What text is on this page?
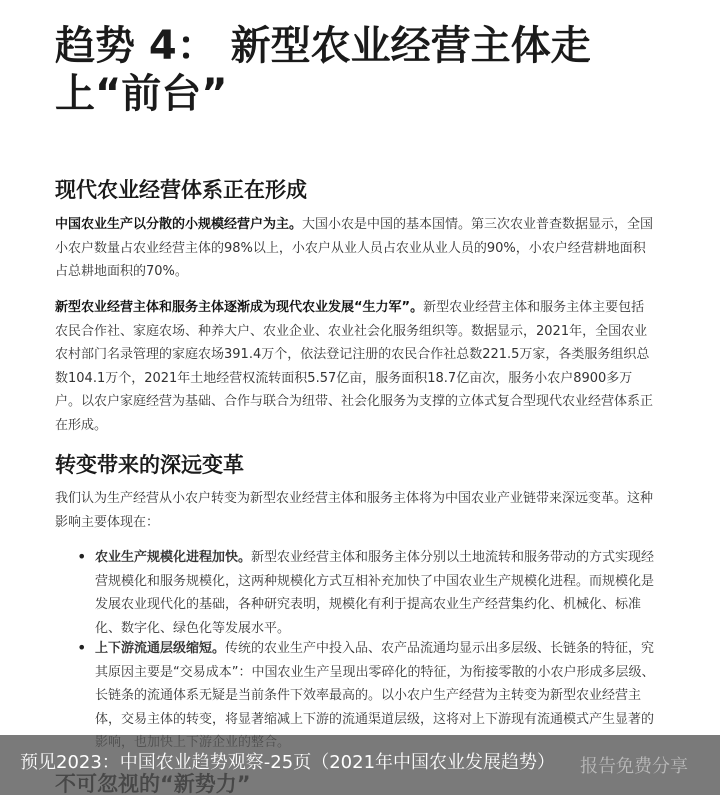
趋势 4： 新型农业经营主体走上“前台”
现代农业经营体系正在形成

中国农业生产以分散的小规模经营户为主。大国小农是中国的基本国情。第三次农业普查数据显示，全国小农户数量占农业经营主体的98%以上，小农户从业人员占农业从业人员的90%，小农户经营耕地面积占总耕地面积的70%。

新型农业经营主体和服务主体逐渐成为现代农业发展“生力军”。新型农业经营主体和服务主体主要包括农民合作社、家庭农场、种养大户、农业企业、农业社会化服务组织等。数据显示，2021年，全国农业农村部门名录管理的家庭农场391.4万个，依法登记注册的农民合作社总数221.5万家，各类服务组织总数104.1万个，2021年土地经营权流转面积5.57亿亩，服务面积18.7亿亩次，服务小农户8900多万户。以农户家庭经营为基础、合作与联合为纽带、社会化服务为支撑的立体式复合型现代农业经营体系正在形成。

转变带来的深远变革

我们认为生产经营从小农户转变为新型农业经营主体和服务主体将为中国农业产业链带来深远变革。这种影响主要体现在：

• 农业生产规模化进程加快。新型农业经营主体和服务主体分别以土地流转和服务带动的方式实现经营规模化和服务规模化，这两种规模化方式互相补充加快了中国农业生产规模化进程。而规模化是发展农业现代化的基础，各种研究表明，规模化有利于提高农业生产经营集约化、机械化、标准化、数字化、绿色化等发展水平。

• 上下游流通层级缩短。传统的农业生产中投入品、农产品流通均显示出多层级、长链条的特征，究其原因主要是“交易成本”：中国农业生产呈现出零碎化的特征，为衔接零散的小农户形成多层级、长链条的流通体系无疑是当前条件下效率最高的。以小农户生产经营为主转变为新型农业经营主体，交易主体的转变，将显著缩减上下游的流通渠道层级，这将对上下游现有流通模式产生显著的

预见2023：中国农业趋势观察-25页（2021年中国农业发展趋势） 报告免费分享
